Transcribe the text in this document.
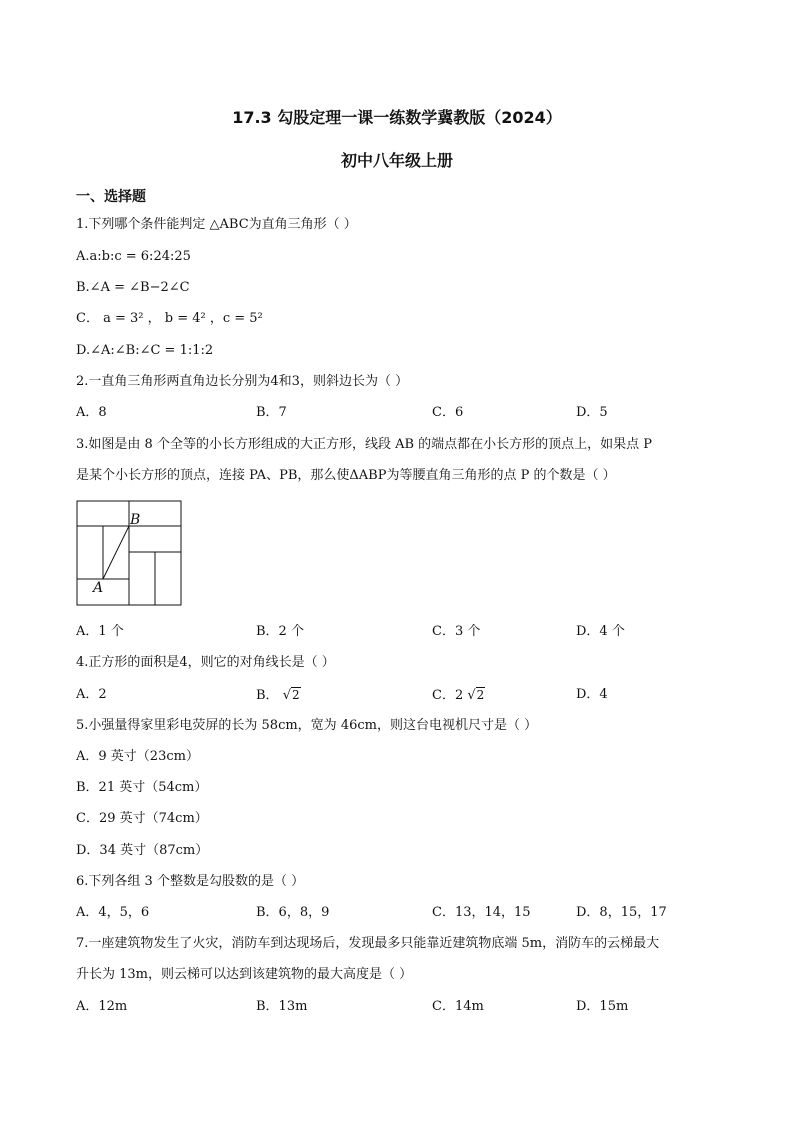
17.3 勾股定理一课一练数学冀教版（2024）
初中八年级上册
一、选择题
1.下列哪个条件能判定 △ABC为直角三角形（ ）
A.a:b:c = 6:24:25
B.∠A = ∠B−2∠C
C． a = 3² ， b = 4² ，c = 5²
D.∠A:∠B:∠C = 1:1:2
2.一直角三角形两直角边长分别为4和3，则斜边长为（ ）
A．8	B．7	C．6	D．5
3.如图是由 8 个全等的小长方形组成的大正方形，线段 AB 的端点都在小长方形的顶点上，如果点 P
是某个小长方形的顶点，连接 PA、PB，那么使ΔABP为等腰直角三角形的点 P 的个数是（ ）
B
A
A．1 个	B．2 个	C．3 个	D．4 个
4.正方形的面积是4，则它的对角线长是（ ）
A．2	B． √2	C．2 √2	D．4
5.小强量得家里彩电荧屏的长为 58cm，宽为 46cm，则这台电视机尺寸是（ ）
A．9 英寸（23cm）
B．21 英寸（54cm）
C．29 英寸（74cm）
D．34 英寸（87cm）
6.下列各组 3 个整数是勾股数的是（ ）
A．4，5，6	B．6，8，9	C．13，14，15	D．8，15，17
7.一座建筑物发生了火灾，消防车到达现场后，发现最多只能靠近建筑物底端 5m，消防车的云梯最大
升长为 13m，则云梯可以达到该建筑物的最大高度是（ ）
A．12m	B．13m	C．14m	D．15m
